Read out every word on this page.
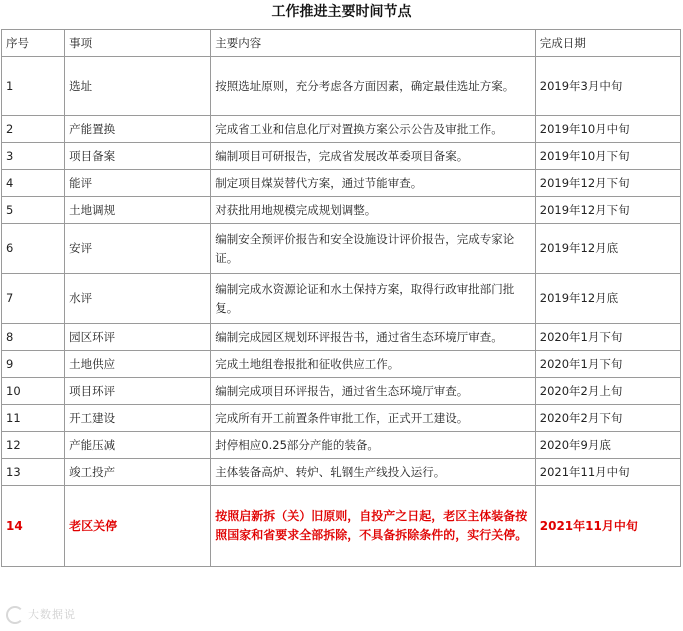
工作推进主要时间节点
序号	事项	主要内容	完成日期
1	选址	按照选址原则，充分考虑各方面因素，确定最佳选址方案。	2019年3月中旬
2	产能置换	完成省工业和信息化厅对置换方案公示公告及审批工作。	2019年10月中旬
3	项目备案	编制项目可研报告，完成省发展改革委项目备案。	2019年10月下旬
4	能评	制定项目煤炭替代方案，通过节能审查。	2019年12月下旬
5	土地调规	对获批用地规模完成规划调整。	2019年12月下旬
6	安评	编制安全预评价报告和安全设施设计评价报告，完成专家论证。	2019年12月底
7	水评	编制完成水资源论证和水土保持方案，取得行政审批部门批复。	2019年12月底
8	园区环评	编制完成园区规划环评报告书，通过省生态环境厅审查。	2020年1月下旬
9	土地供应	完成土地组卷报批和征收供应工作。	2020年1月下旬
10	项目环评	编制完成项目环评报告，通过省生态环境厅审查。	2020年2月上旬
11	开工建设	完成所有开工前置条件审批工作，正式开工建设。	2020年2月下旬
12	产能压减	封停相应0.25部分产能的装备。	2020年9月底
13	竣工投产	主体装备高炉、转炉、轧钢生产线投入运行。	2021年11月中旬
14	老区关停	按照启新拆（关）旧原则，自投产之日起，老区主体装备按照国家和省要求全部拆除，不具备拆除条件的，实行关停。	2021年11月中旬
大数据说
